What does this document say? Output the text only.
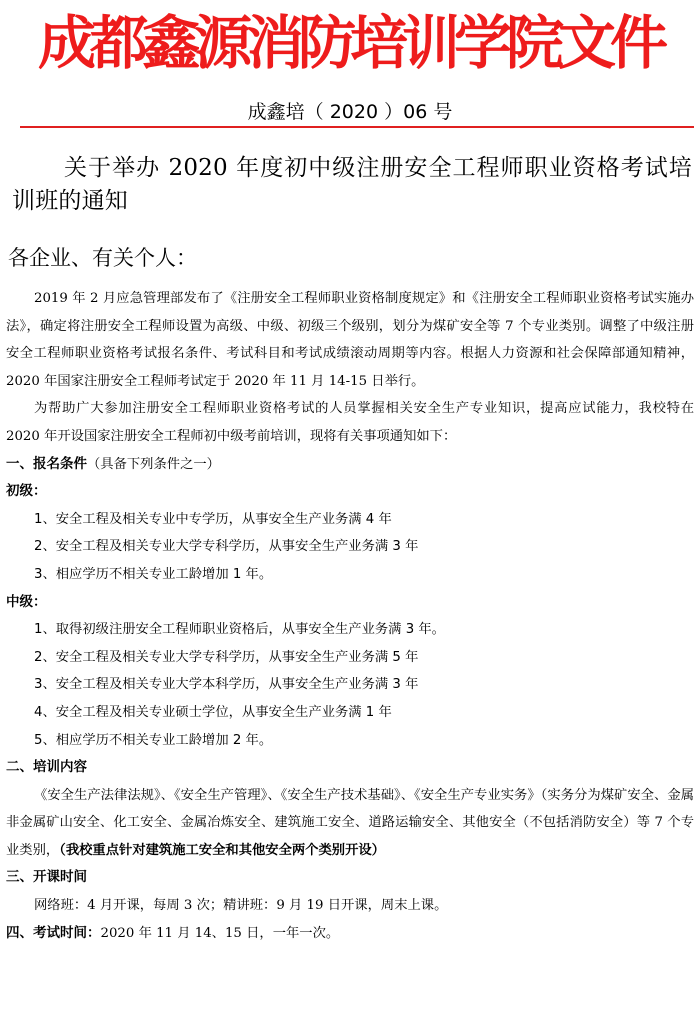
成都鑫源消防培训学院文件
成鑫培（ 2020 ）06 号
关于举办 2020 年度初中级注册安全工程师职业资格考试培训班的通知
各企业、有关个人：

2019 年 2 月应急管理部发布了《注册安全工程师职业资格制度规定》和《注册安全工程师职业资格考试实施办法》，确定将注册安全工程师设置为高级、中级、初级三个级别，划分为煤矿安全等 7 个专业类别。调整了中级注册安全工程师职业资格考试报名条件、考试科目和考试成绩滚动周期等内容。根据人力资源和社会保障部通知精神，2020 年国家注册安全工程师考试定于 2020 年 11 月 14-15 日举行。

为帮助广大参加注册安全工程师职业资格考试的人员掌握相关安全生产专业知识，提高应试能力，我校特在 2020 年开设国家注册安全工程师初中级考前培训，现将有关事项通知如下：

一、报名条件（具备下列条件之一）

初级：

1、安全工程及相关专业中专学历，从事安全生产业务满 4 年

2、安全工程及相关专业大学专科学历，从事安全生产业务满 3 年

3、相应学历不相关专业工龄增加 1 年。

中级：

1、取得初级注册安全工程师职业资格后，从事安全生产业务满 3 年。

2、安全工程及相关专业大学专科学历，从事安全生产业务满 5 年

3、安全工程及相关专业大学本科学历，从事安全生产业务满 3 年

4、安全工程及相关专业硕士学位，从事安全生产业务满 1 年

5、相应学历不相关专业工龄增加 2 年。

二、培训内容

《安全生产法律法规》、《安全生产管理》、《安全生产技术基础》、《安全生产专业实务》（实务分为煤矿安全、金属非金属矿山安全、化工安全、金属冶炼安全、建筑施工安全、道路运输安全、其他安全（不包括消防安全）等 7 个专业类别，（我校重点针对建筑施工安全和其他安全两个类别开设）

三、开课时间

网络班：4 月开课，每周 3 次；精讲班：9 月 19 日开课，周末上课。

四、考试时间：2020 年 11 月 14、15 日，一年一次。
